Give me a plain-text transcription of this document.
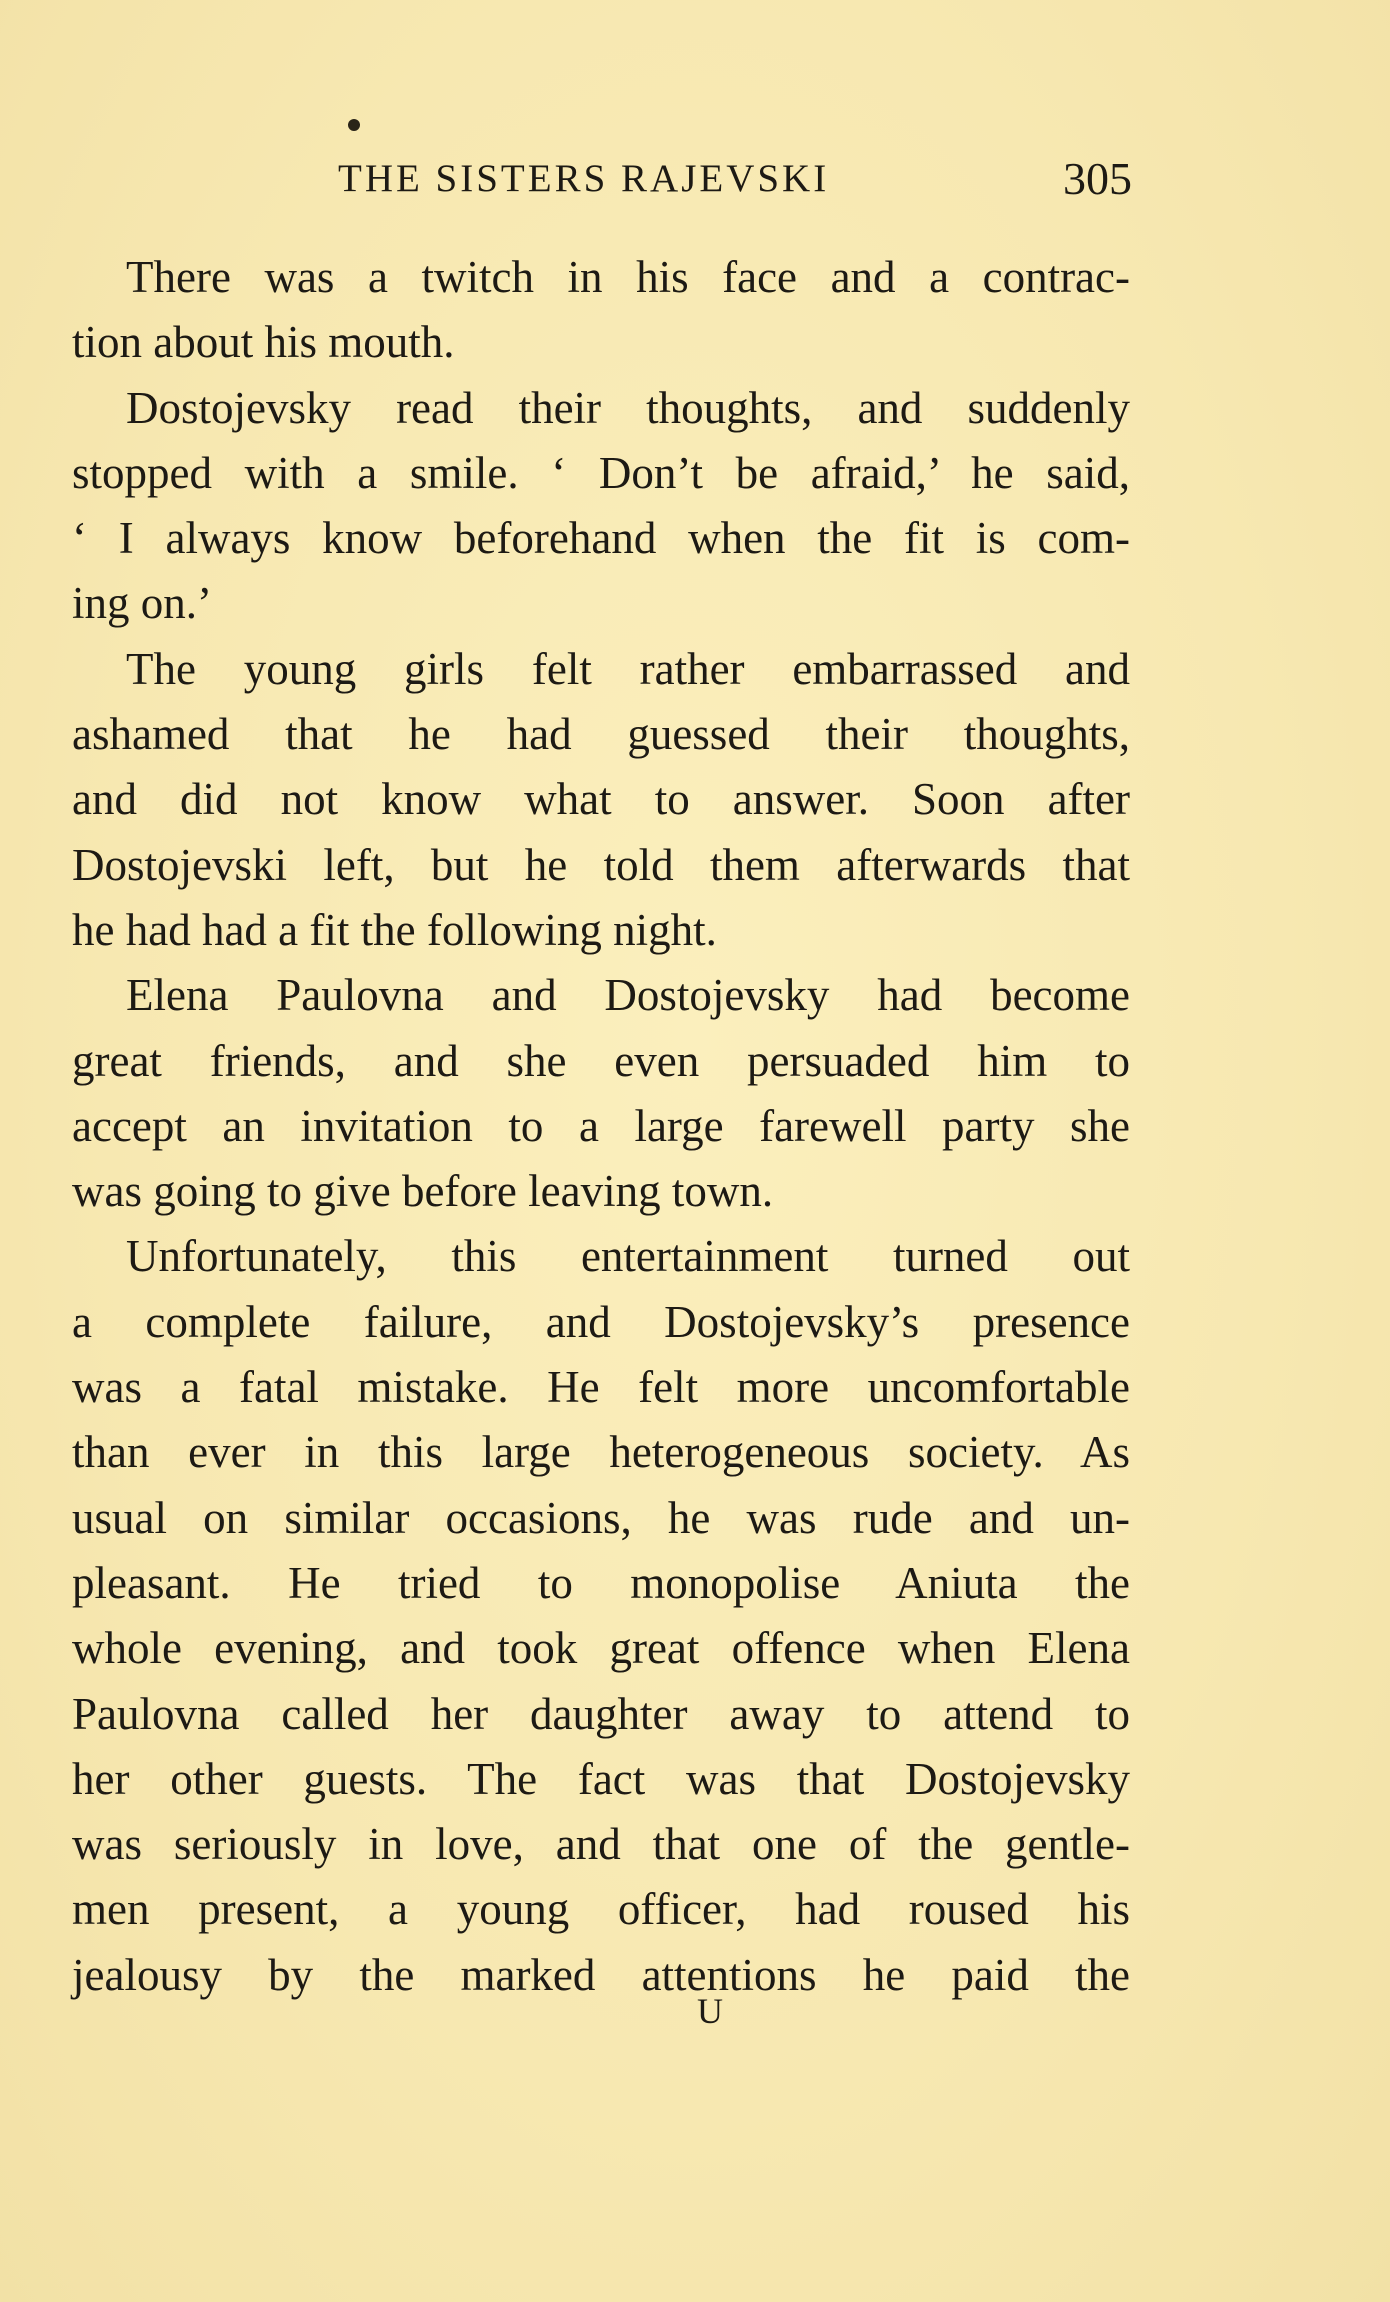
THE SISTERS RAJEVSKI	305
There was a twitch in his face and a contrac-
tion about his mouth.
Dostojevsky read their thoughts, and suddenly
stopped with a smile. ‘ Don’t be afraid,’ he said,
‘ I always know beforehand when the fit is com-
ing on.’
The young girls felt rather embarrassed and
ashamed that he had guessed their thoughts,
and did not know what to answer. Soon after
Dostojevski left, but he told them afterwards that
he had had a fit the following night.
Elena Paulovna and Dostojevsky had become
great friends, and she even persuaded him to
accept an invitation to a large farewell party she
was going to give before leaving town.
Unfortunately, this entertainment turned out
a complete failure, and Dostojevsky’s presence
was a fatal mistake. He felt more uncomfortable
than ever in this large heterogeneous society. As
usual on similar occasions, he was rude and un-
pleasant. He tried to monopolise Aniuta the
whole evening, and took great offence when Elena
Paulovna called her daughter away to attend to
her other guests. The fact was that Dostojevsky
was seriously in love, and that one of the gentle-
men present, a young officer, had roused his
jealousy by the marked attentions he paid the
U
